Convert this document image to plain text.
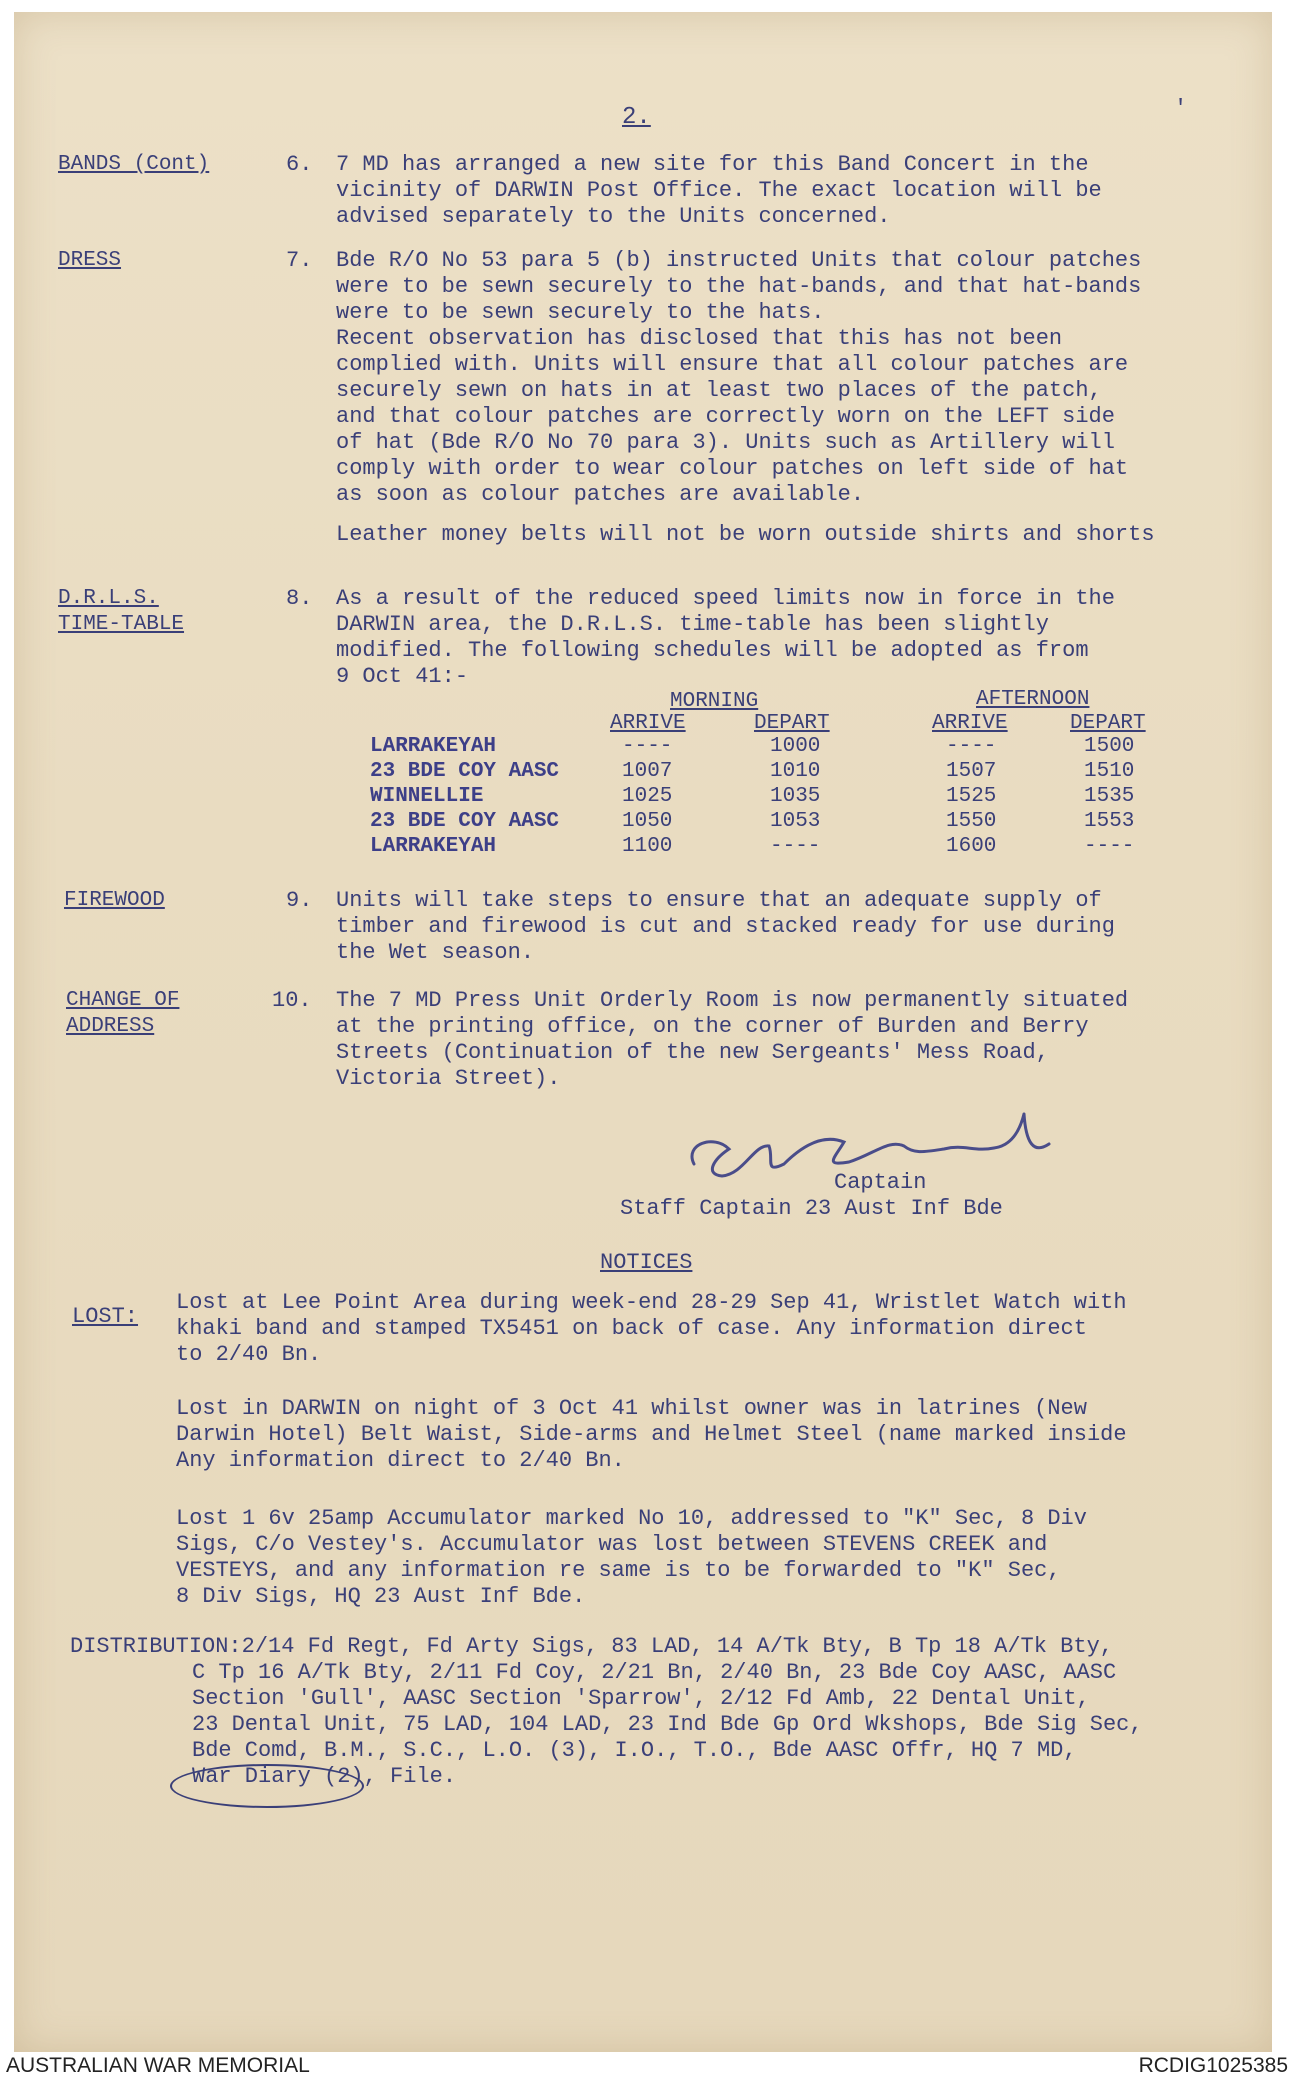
2.	'
BANDS (Cont)	6. 7 MD has arranged a new site for this Band Concert in the
vicinity of DARWIN Post Office. The exact location will be
advised separately to the Units concerned.
DRESS	7. Bde R/O No 53 para 5 (b) instructed Units that colour patches
were to be sewn securely to the hat-bands, and that hat-bands
were to be sewn securely to the hats.
Recent observation has disclosed that this has not been
complied with. Units will ensure that all colour patches are
securely sewn on hats in at least two places of the patch,
and that colour patches are correctly worn on the LEFT side
of hat (Bde R/O No 70 para 3). Units such as Artillery will
comply with order to wear colour patches on left side of hat
as soon as colour patches are available.
Leather money belts will not be worn outside shirts and shorts
D.R.L.S.
TIME-TABLE
8. As a result of the reduced speed limits now in force in the
DARWIN area, the D.R.L.S. time-table has been slightly
modified. The following schedules will be adopted as from
9 Oct 41:-
MORNING	AFTERNOON
ARRIVE	DEPART	ARRIVE	DEPART
LARRAKEYAH	----	1000	----	1500
23 BDE COY AASC	1007	1010	1507	1510
WINNELLIE	1025	1035	1525	1535
23 BDE COY AASC	1050	1053	1550	1553
LARRAKEYAH	1100	----	1600	----
FIREWOOD	9. Units will take steps to ensure that an adequate supply of
timber and firewood is cut and stacked ready for use during
the Wet season.
CHANGE OF
ADDRESS
10. The 7 MD Press Unit Orderly Room is now permanently situated
at the printing office, on the corner of Burden and Berry
Streets (Continuation of the new Sergeants' Mess Road,
Victoria Street).
Captain
Staff Captain 23 Aust Inf Bde
NOTICES
LOST:
Lost at Lee Point Area during week-end 28-29 Sep 41, Wristlet Watch with
khaki band and stamped TX5451 on back of case. Any information direct
to 2/40 Bn.
Lost in DARWIN on night of 3 Oct 41 whilst owner was in latrines (New
Darwin Hotel) Belt Waist, Side-arms and Helmet Steel (name marked inside
Any information direct to 2/40 Bn.
Lost 1 6v 25amp Accumulator marked No 10, addressed to "K" Sec, 8 Div
Sigs, C/o Vestey's. Accumulator was lost between STEVENS CREEK and
VESTEYS, and any information re same is to be forwarded to "K" Sec,
8 Div Sigs, HQ 23 Aust Inf Bde.
DISTRIBUTION:2/14 Fd Regt, Fd Arty Sigs, 83 LAD, 14 A/Tk Bty, B Tp 18 A/Tk Bty,
C Tp 16 A/Tk Bty, 2/11 Fd Coy, 2/21 Bn, 2/40 Bn, 23 Bde Coy AASC, AASC
Section 'Gull', AASC Section 'Sparrow', 2/12 Fd Amb, 22 Dental Unit,
23 Dental Unit, 75 LAD, 104 LAD, 23 Ind Bde Gp Ord Wkshops, Bde Sig Sec,
Bde Comd, B.M., S.C., L.O. (3), I.O., T.O., Bde AASC Offr, HQ 7 MD,
War Diary (2), File.
AUSTRALIAN WAR MEMORIAL	RCDIG1025385
